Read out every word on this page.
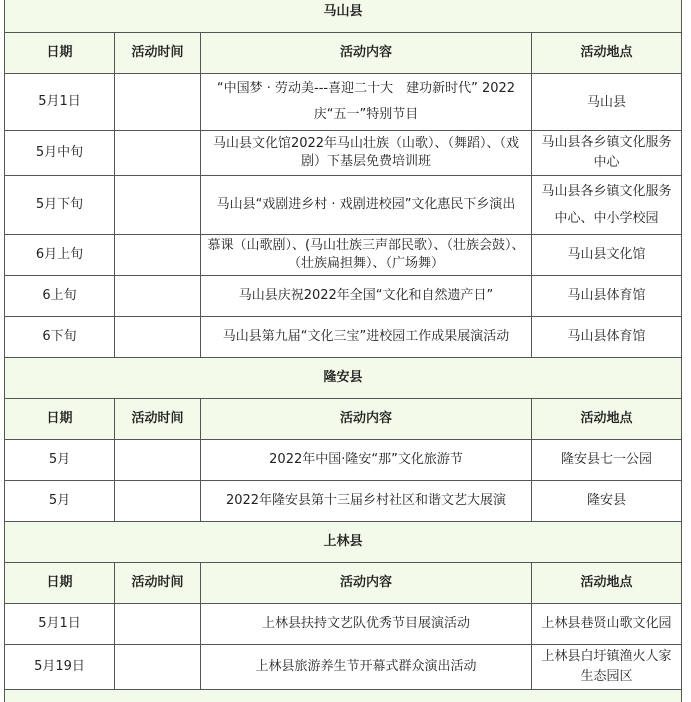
马山县			
日期	活动时间	活动内容	活动地点
5月1日		“中国梦 · 劳动美---喜迎二十大　建功新时代” 2022庆“五一”特别节目	马山县
5月中旬		马山县文化馆2022年马山壮族（山歌）、（舞蹈）、（戏剧）下基层免费培训班	马山县各乡镇文化服务中心
5月下旬		马山县“戏剧进乡村 · 戏剧进校园”文化惠民下乡演出	马山县各乡镇文化服务中心、中小学校园
6月上旬		慕课（山歌剧）、(马山壮族三声部民歌）、（壮族会鼓）、（壮族扁担舞）、（广场舞）	马山县文化馆
6上旬		马山县庆祝2022年全国“文化和自然遗产日”	马山县体育馆
6下旬		马山县第九届“文化三宝”进校园工作成果展演活动	马山县体育馆
隆安县			
日期	活动时间	活动内容	活动地点
5月		2022年中国·隆安“那”文化旅游节	隆安县七一公园
5月		2022年隆安县第十三届乡村社区和谐文艺大展演	隆安县
上林县			
日期	活动时间	活动内容	活动地点
5月1日		上林县扶持文艺队优秀节目展演活动	上林县巷贤山歌文化园
5月19日		上林县旅游养生节开幕式群众演出活动	上林县白圩镇渔火人家生态园区
